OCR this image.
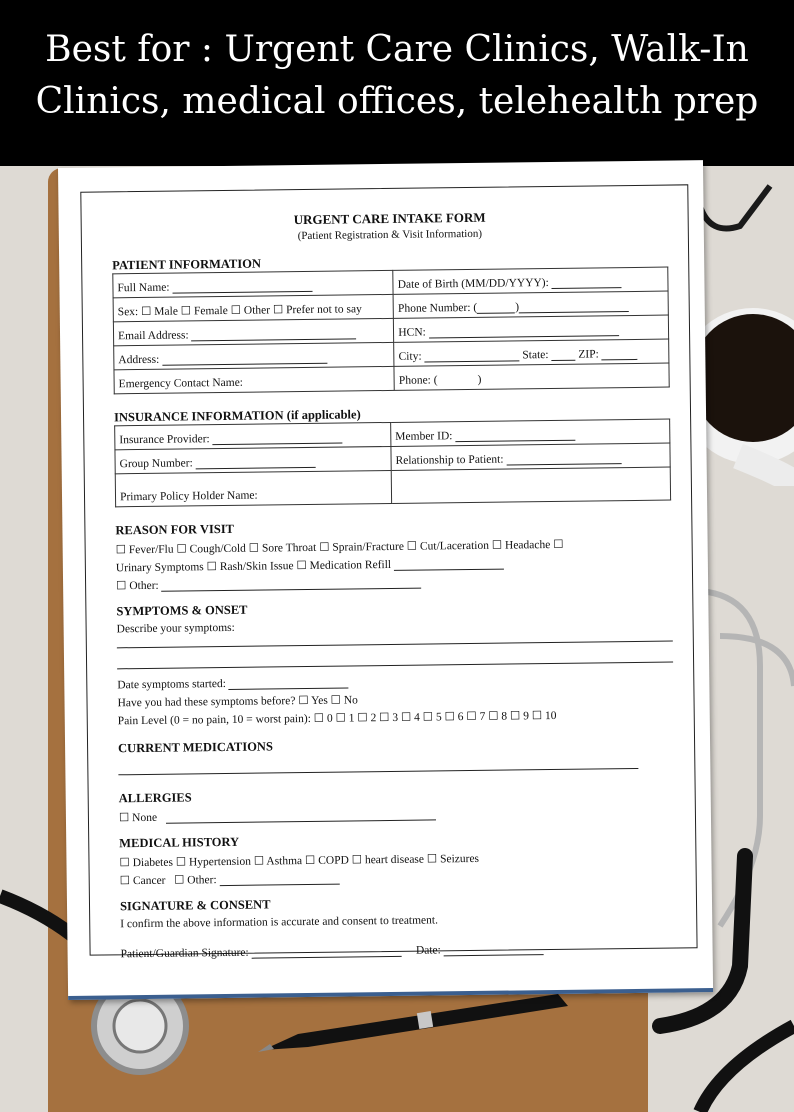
Best for : Urgent Care Clinics, Walk-In
Clinics, medical offices, telehealth prep
URGENT CARE INTAKE FORM
(Patient Registration & Visit Information)
PATIENT INFORMATION
Full Name:	Date of Birth (MM/DD/YYYY):
Sex: ☐ Male ☐ Female ☐ Other ☐ Prefer not to say	Phone Number: ( )
Email Address:	HCN:
Address:	City: State: ZIP:
Emergency Contact Name:	Phone: ( )
INSURANCE INFORMATION (if applicable)
Insurance Provider:	Member ID:
Group Number:	Relationship to Patient:
Primary Policy Holder Name:	
REASON FOR VISIT
☐ Fever/Flu ☐ Cough/Cold ☐ Sore Throat ☐ Sprain/Fracture ☐ Cut/Laceration ☐ Headache ☐
Urinary Symptoms ☐ Rash/Skin Issue ☐ Medication Refill
☐ Other:
SYMPTOMS & ONSET
Describe your symptoms:
Date symptoms started:
Have you had these symptoms before? ☐ Yes ☐ No
Pain Level (0 = no pain, 10 = worst pain): ☐ 0 ☐ 1 ☐ 2 ☐ 3 ☐ 4 ☐ 5 ☐ 6 ☐ 7 ☐ 8 ☐ 9 ☐ 10
CURRENT MEDICATIONS
ALLERGIES
☐ None
MEDICAL HISTORY
☐ Diabetes ☐ Hypertension ☐ Asthma ☐ COPD ☐ heart disease ☐ Seizures
☐ Cancer ☐ Other:
SIGNATURE & CONSENT
I confirm the above information is accurate and consent to treatment.
Patient/Guardian Signature:	Date:
